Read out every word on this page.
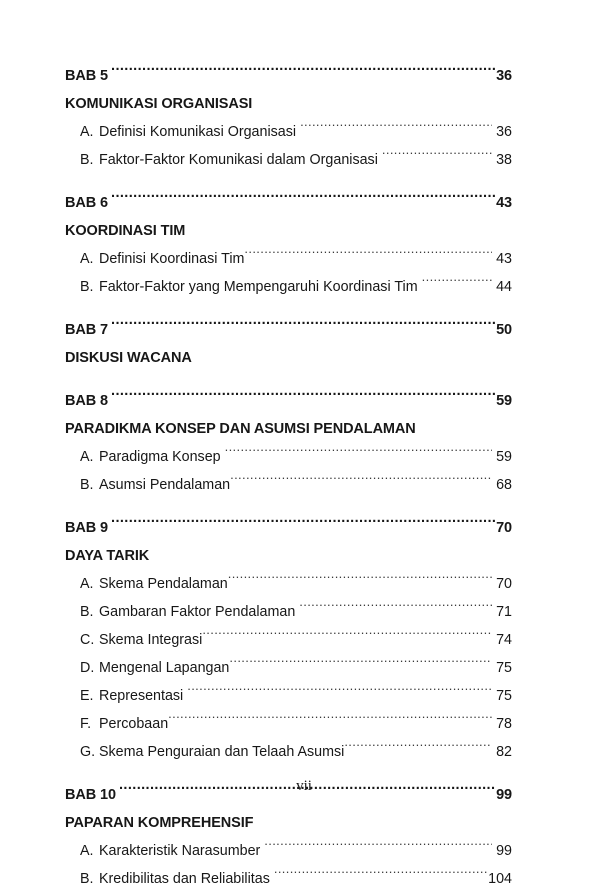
BAB 5 .....	36
KOMUNIKASI ORGANISASI
A. Definisi Komunikasi Organisasi .....	36
B. Faktor-Faktor Komunikasi dalam Organisasi .....	38
BAB 6 .....	43
KOORDINASI TIM
A. Definisi Koordinasi Tim .....	43
B. Faktor-Faktor yang Mempengaruhi Koordinasi Tim .....	44
BAB 7 .....	50
DISKUSI WACANA
BAB 8 .....	59
PARADIKMA KONSEP DAN ASUMSI PENDALAMAN
A. Paradigma Konsep .....	59
B. Asumsi Pendalaman .....	68
BAB 9 .....	70
DAYA TARIK
A. Skema Pendalaman .....	70
B. Gambaran Faktor Pendalaman .....	71
C. Skema Integrasi .....	74
D. Mengenal Lapangan .....	75
E. Representasi .....	75
F. Percobaan .....	78
G. Skema Penguraian dan Telaah Asumsi .....	82
BAB 10 .....	99
PAPARAN KOMPREHENSIF
A. Karakteristik Narasumber .....	99
B. Kredibilitas dan Reliabilitas .....	104
vii
